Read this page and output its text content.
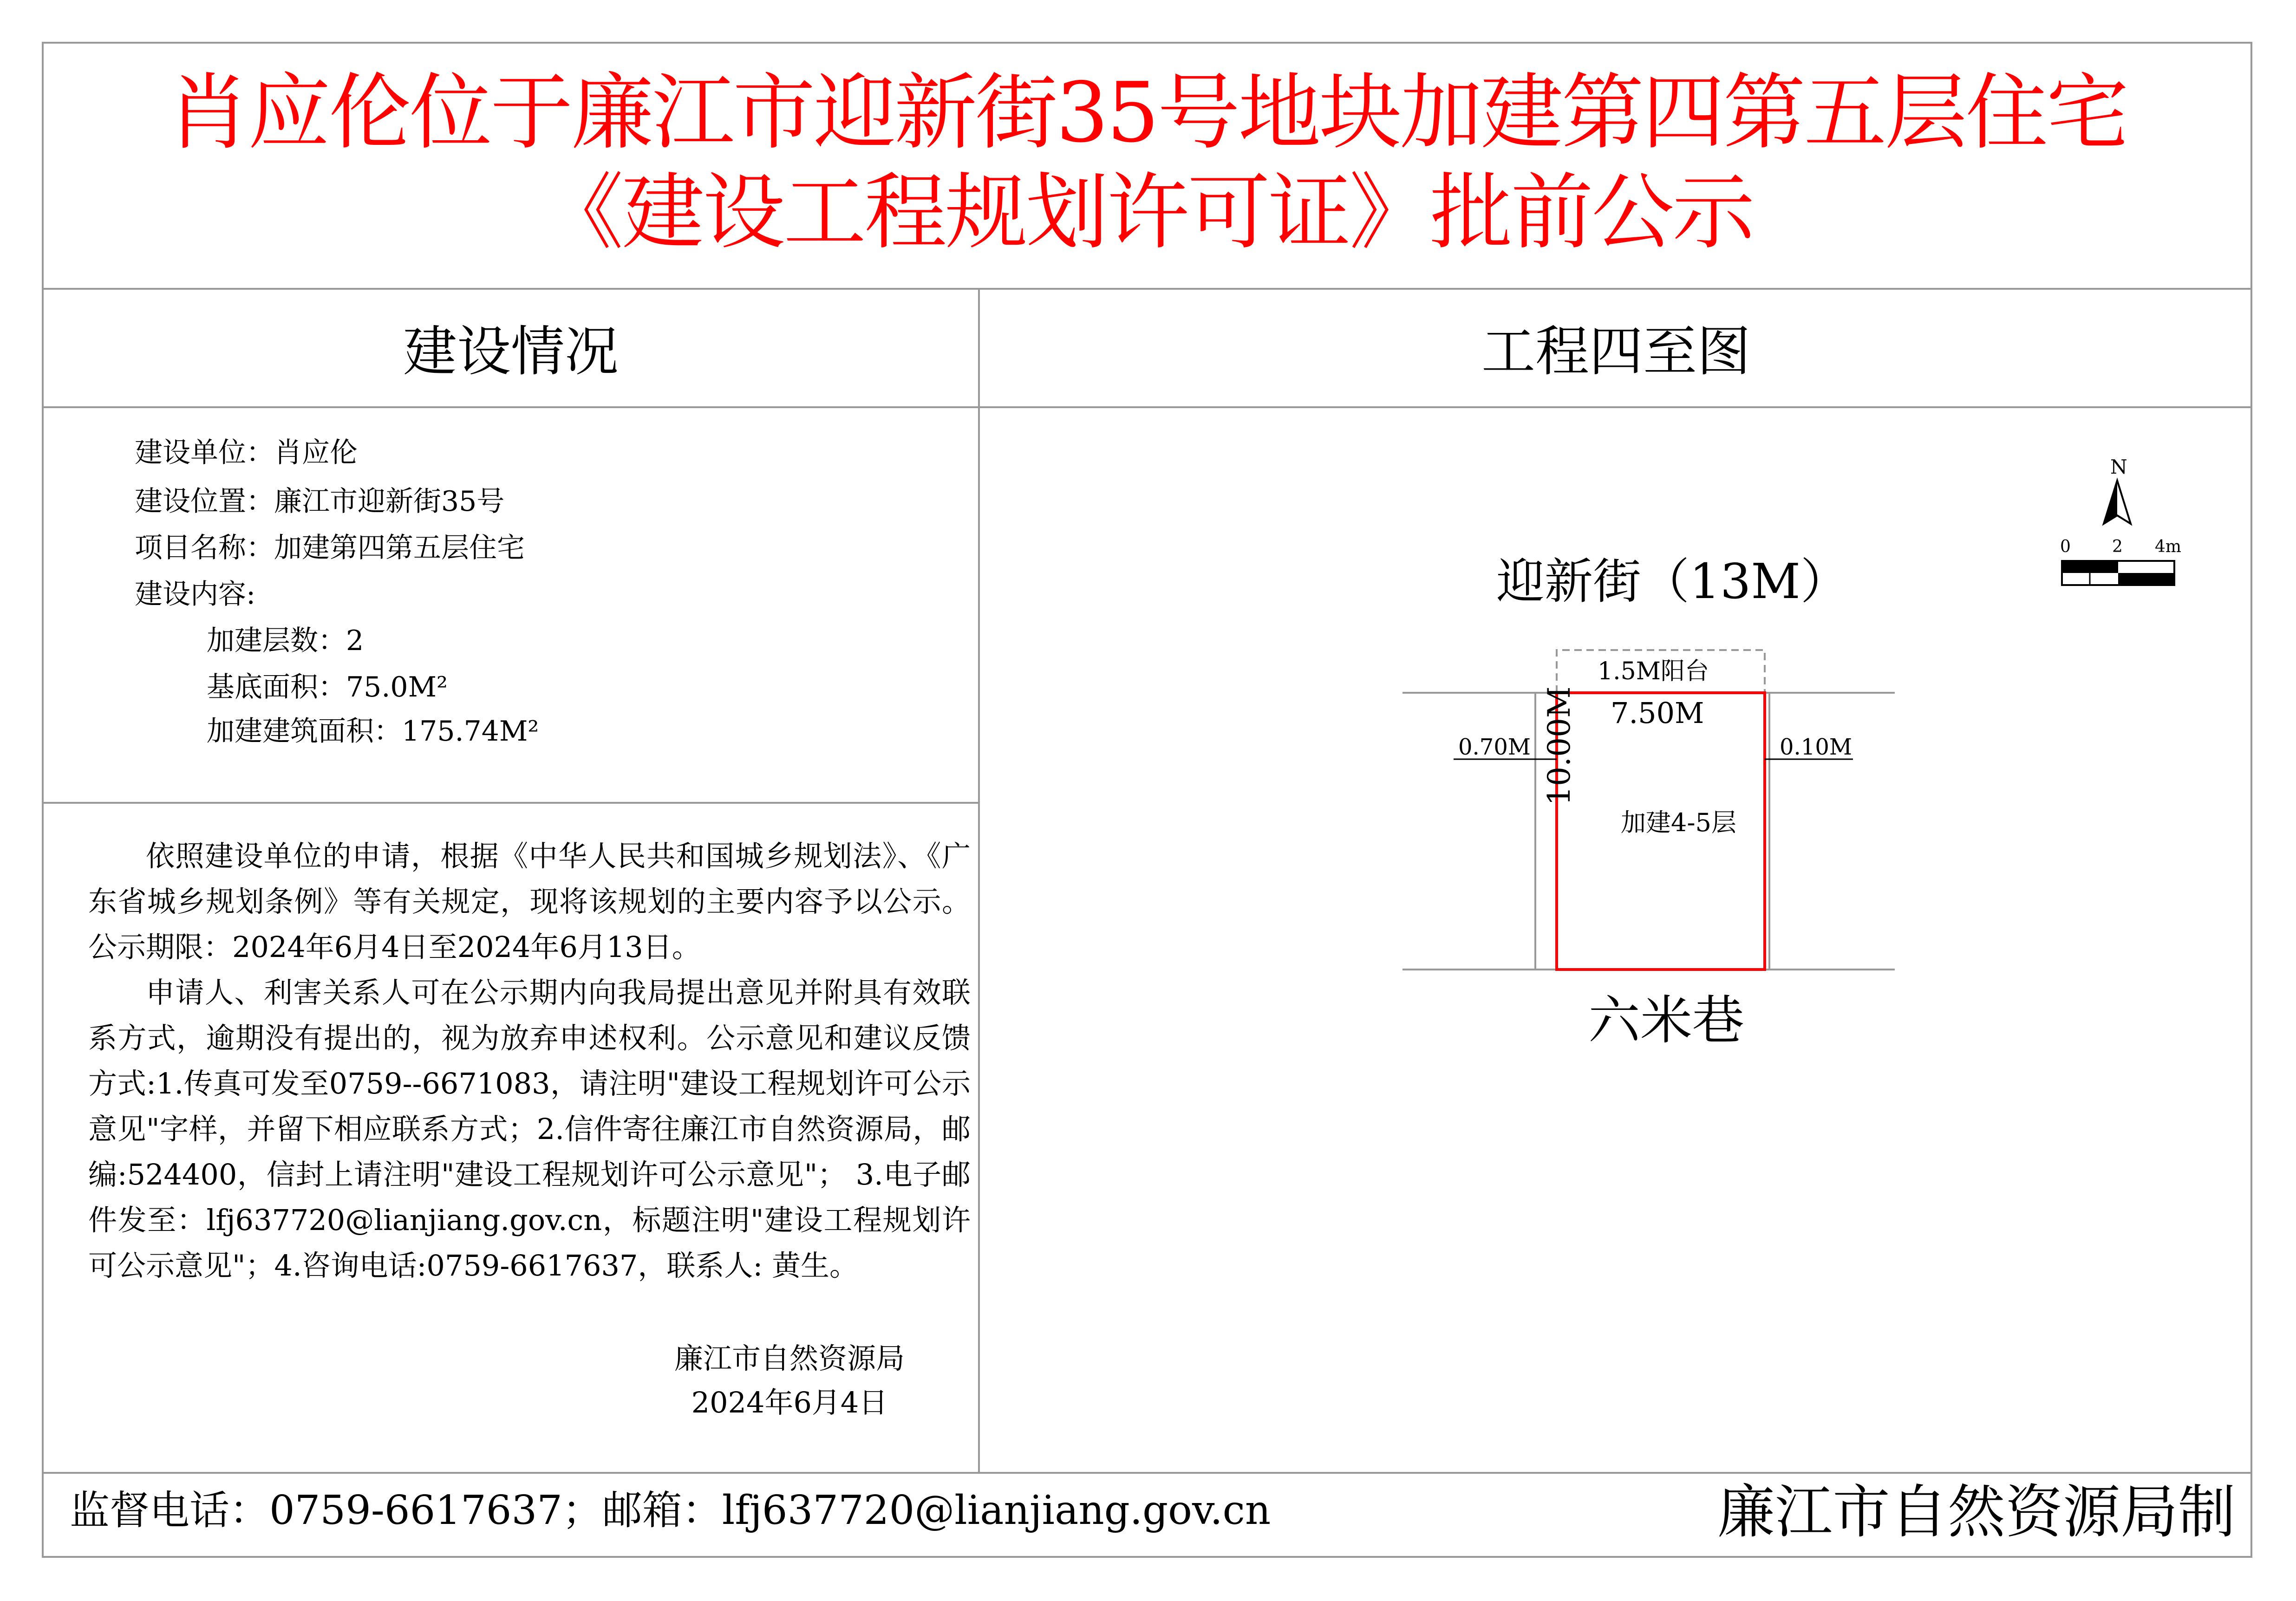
肖应伦位于廉江市迎新街35号地块加建第四第五层住宅
《建设工程规划许可证》批前公示
建设情况	工程四至图
建设单位：肖应伦
建设位置：廉江市迎新街35号
项目名称：加建第四第五层住宅
建设内容:
加建层数：2
基底面积：75.0M²
加建建筑面积：175.74M²

依照建设单位的申请，根据《中华人民共和国城乡规划法》、《广东省城乡规划条例》等有关规定，现将该规划的主要内容予以公示。公示期限：2024年6月4日至2024年6月13日。

申请人、利害关系人可在公示期内向我局提出意见并附具有效联系方式，逾期没有提出的，视为放弃申述权利。公示意见和建议反馈方式:1.传真可发至0759--6671083，请注明"建设工程规划许可公示意见"字样，并留下相应联系方式；2.信件寄往廉江市自然资源局，邮编:524400，信封上请注明"建设工程规划许可公示意见"； 3.电子邮件发至：lfj637720@lianjiang.gov.cn，标题注明"建设工程规划许可公示意见"；4.咨询电话:0759-6617637，联系人: 黄生。

廉江市自然资源局
2024年6月4日
N
0 2 4m
迎新街（13M）
1.5M阳台
7.50M
0.70M	0.10M
10.00M
加建4-5层
六米巷
监督电话：0759-6617637；邮箱：lfj637720@lianjiang.gov.cn	廉江市自然资源局制
